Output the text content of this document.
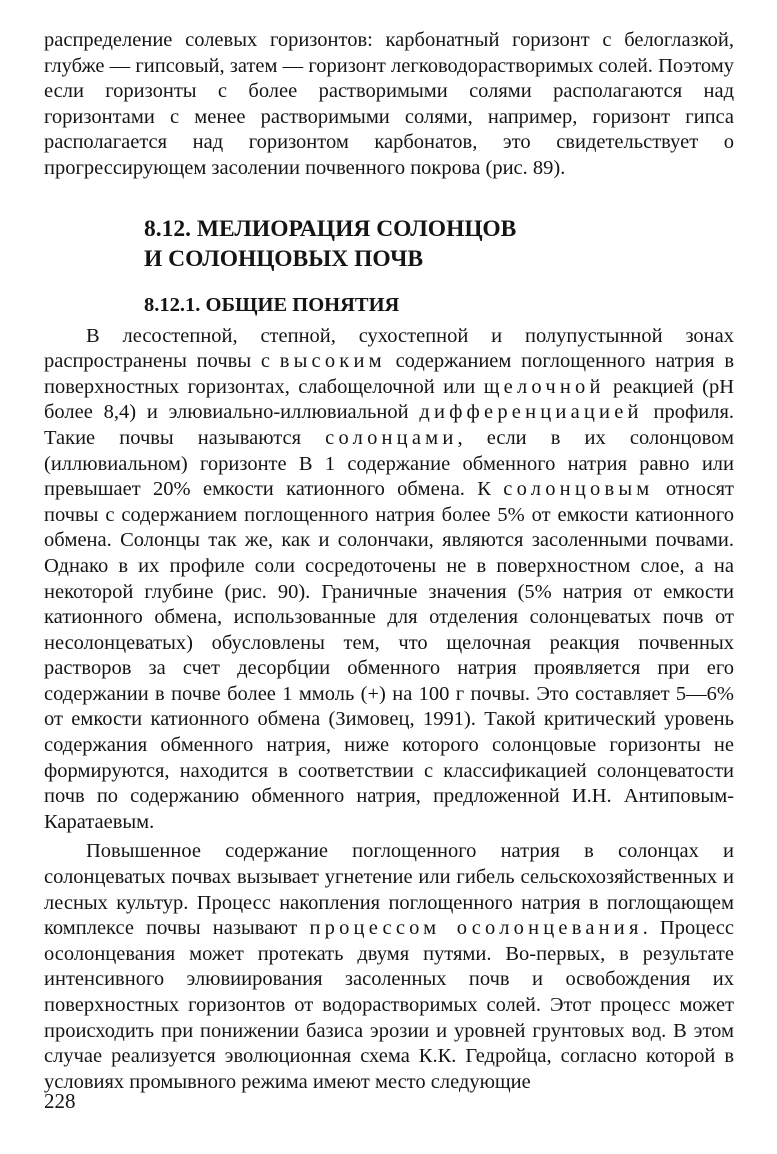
распределение солевых горизонтов: карбонатный горизонт с белоглазкой, глубже — гипсовый, затем — горизонт легководорастворимых солей. Поэтому если горизонты с более растворимыми солями располагаются над горизонтами с менее растворимыми солями, например, горизонт гипса располагается над горизонтом карбонатов, это свидетельствует о прогрессирующем засолении почвенного покрова (рис. 89).

8.12. МЕЛИОРАЦИЯ СОЛОНЦОВ
И СОЛОНЦОВЫХ ПОЧВ
8.12.1. ОБЩИЕ ПОНЯТИЯ

В лесостепной, степной, сухостепной и полупустынной зонах распространены почвы с высоким содержанием поглощенного натрия в поверхностных горизонтах, слабощелочной или щелочной реакцией (рН более 8,4) и элювиально-иллювиальной дифференциацией профиля. Такие почвы называются солонцами, если в их солонцовом (иллювиальном) горизонте В 1 содержание обменного натрия равно или превышает 20% емкости катионного обмена. К солонцовым относят почвы с содержанием поглощенного натрия более 5% от емкости катионного обмена. Солонцы так же, как и солончаки, являются засоленными почвами. Однако в их профиле соли сосредоточены не в поверхностном слое, а на некоторой глубине (рис. 90). Граничные значения (5% натрия от емкости катионного обмена, использованные для отделения солонцеватых почв от несолонцеватых) обусловлены тем, что щелочная реакция почвенных растворов за счет десорбции обменного натрия проявляется при его содержании в почве более 1 ммоль (+) на 100 г почвы. Это составляет 5—6% от емкости катионного обмена (Зимовец, 1991). Такой критический уровень содержания обменного натрия, ниже которого солонцовые горизонты не формируются, находится в соответствии с классификацией солонцеватости почв по содержанию обменного натрия, предложенной И.Н. Антиповым-Каратаевым.

Повышенное содержание поглощенного натрия в солонцах и солонцеватых почвах вызывает угнетение или гибель сельскохозяйственных и лесных культур. Процесс накопления поглощенного натрия в поглощающем комплексе почвы называют процессом осолонцевания. Процесс осолонцевания может протекать двумя путями. Во-первых, в результате интенсивного элювиирования засоленных почв и освобождения их поверхностных горизонтов от водорастворимых солей. Этот процесс может происходить при понижении базиса эрозии и уровней грунтовых вод. В этом случае реализуется эволюционная схема К.К. Гедройца, согласно которой в условиях промывного режима имеют место следующие

228
